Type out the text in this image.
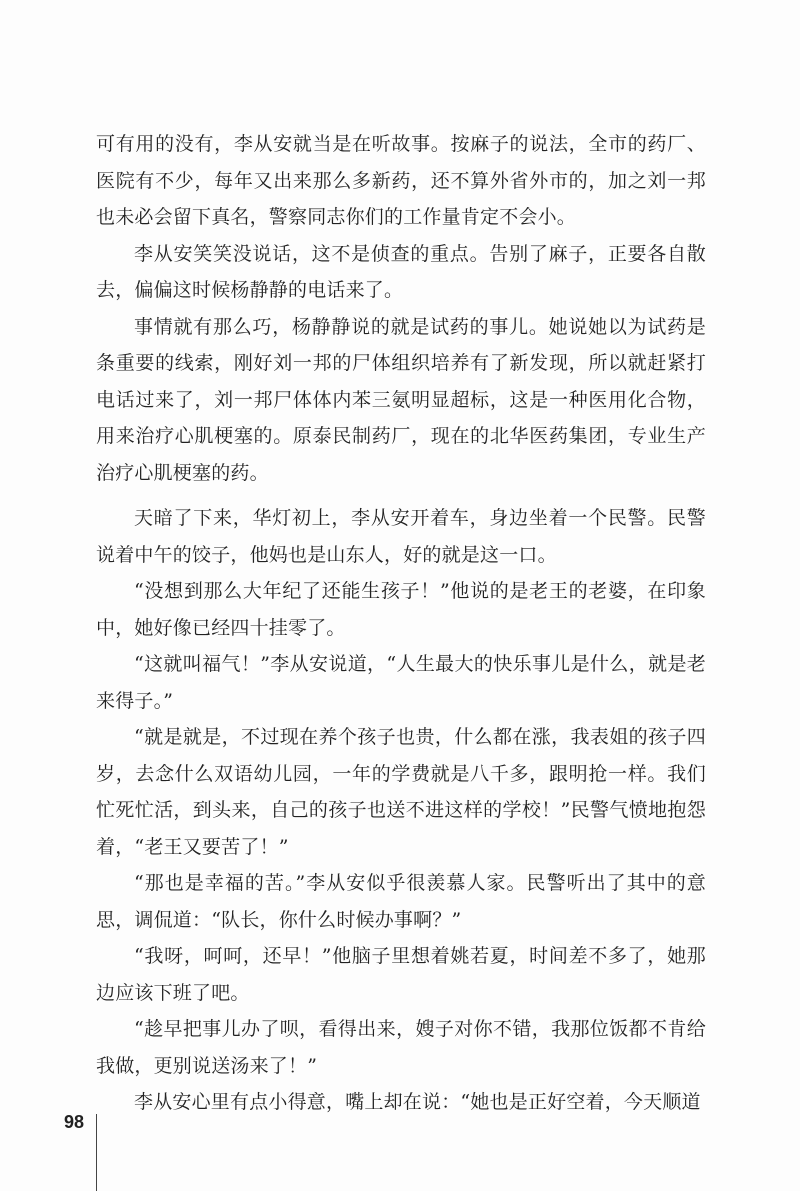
可有用的没有，李从安就当是在听故事。按麻子的说法，全市的药厂、医院有不少，每年又出来那么多新药，还不算外省外市的，加之刘一邦也未必会留下真名，警察同志你们的工作量肯定不会小。

李从安笑笑没说话，这不是侦查的重点。告别了麻子，正要各自散去，偏偏这时候杨静静的电话来了。

事情就有那么巧，杨静静说的就是试药的事儿。她说她以为试药是条重要的线索，刚好刘一邦的尸体组织培养有了新发现，所以就赶紧打电话过来了，刘一邦尸体体内苯三氨明显超标，这是一种医用化合物，用来治疗心肌梗塞的。原泰民制药厂，现在的北华医药集团，专业生产治疗心肌梗塞的药。

天暗了下来，华灯初上，李从安开着车，身边坐着一个民警。民警说着中午的饺子，他妈也是山东人，好的就是这一口。

“没想到那么大年纪了还能生孩子！”他说的是老王的老婆，在印象中，她好像已经四十挂零了。

“这就叫福气！”李从安说道，“人生最大的快乐事儿是什么，就是老来得子。”

“就是就是，不过现在养个孩子也贵，什么都在涨，我表姐的孩子四岁，去念什么双语幼儿园，一年的学费就是八千多，跟明抢一样。我们忙死忙活，到头来，自己的孩子也送不进这样的学校！”民警气愤地抱怨着，“老王又要苦了！”

“那也是幸福的苦。”李从安似乎很羡慕人家。民警听出了其中的意思，调侃道：“队长，你什么时候办事啊？”

“我呀，呵呵，还早！”他脑子里想着姚若夏，时间差不多了，她那边应该下班了吧。

“趁早把事儿办了呗，看得出来，嫂子对你不错，我那位饭都不肯给我做，更别说送汤来了！”

李从安心里有点小得意，嘴上却在说：“她也是正好空着，今天顺道

98
